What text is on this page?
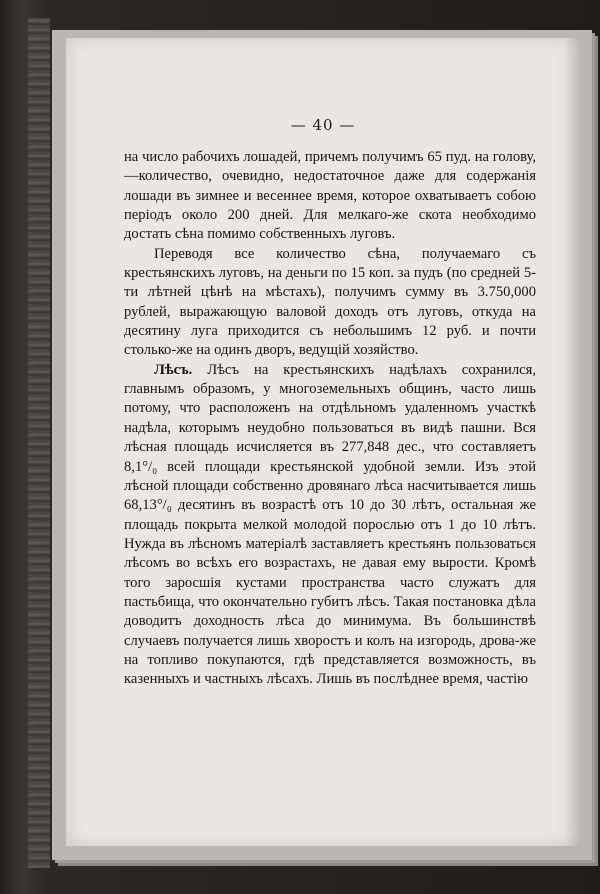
— 40 —

на число рабочихъ лошадей, причемъ получимъ 65 пуд. на голову,—количество, очевидно, недостаточное даже для содержанія лошади въ зимнее и весеннее время, которое охватываетъ собою періодъ около 200 дней. Для мелкаго-же скота необходимо достать сѣна помимо собственныхъ луговъ.

Переводя все количество сѣна, получаемаго съ крестьянскихъ луговъ, на деньги по 15 коп. за пудъ (по средней 5-ти лѣтней цѣнѣ на мѣстахъ), получимъ сумму въ 3.750,000 рублей, выражающую валовой доходъ отъ луговъ, откуда на десятину луга приходится съ небольшимъ 12 руб. и почти столько-же на одинъ дворъ, ведущій хозяйство.

Лѣсъ. Лѣсъ на крестьянскихъ надѣлахъ сохранился, главнымъ образомъ, у многоземельныхъ общинъ, часто лишь потому, что расположенъ на отдѣльномъ удаленномъ участкѣ надѣла, которымъ неудобно пользоваться въ видѣ пашни. Вся лѣсная площадь исчисляется въ 277,848 дес., что составляетъ 8,1°/₀ всей площади крестьянской удобной земли. Изъ этой лѣсной площади собственно дровянаго лѣса насчитывается лишь 68,13°/₀ десятинъ въ возрастѣ отъ 10 до 30 лѣтъ, остальная же площадь покрыта мелкой молодой порослью отъ 1 до 10 лѣтъ. Нужда въ лѣсномъ матеріалѣ заставляетъ крестьянъ пользоваться лѣсомъ во всѣхъ его возрастахъ, не давая ему вырости. Кромѣ того заросшія кустами пространства часто служатъ для пастьбища, что окончательно губитъ лѣсъ. Такая постановка дѣла доводитъ доходность лѣса до минимума. Въ большинствѣ случаевъ получается лишь хворостъ и колъ на изгородь, дрова-же на топливо покупаются, гдѣ представляется возможность, въ казенныхъ и частныхъ лѣсахъ. Лишь въ послѣднее время, частію
